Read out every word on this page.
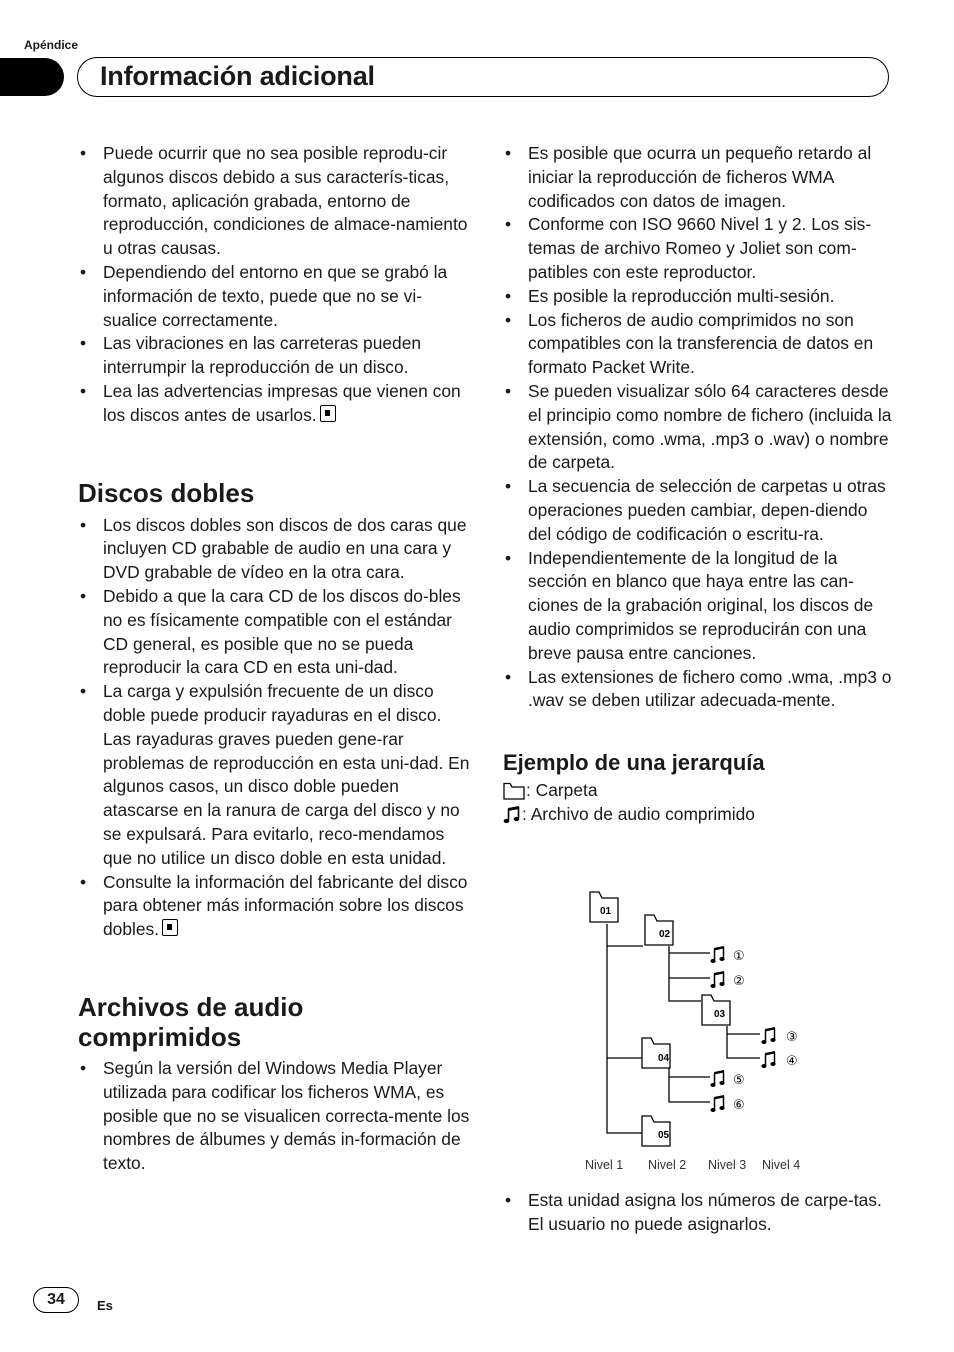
Apéndice
Información adicional
• Puede ocurrir que no sea posible reprodu-cir algunos discos debido a sus caracterís-ticas, formato, aplicación grabada, entorno de reproducción, condiciones de almace-namiento u otras causas.
• Dependiendo del entorno en que se grabó la información de texto, puede que no se vi-sualice correctamente.
• Las vibraciones en las carreteras pueden interrumpir la reproducción de un disco.
• Lea las advertencias impresas que vienen con los discos antes de usarlos.
Discos dobles
• Los discos dobles son discos de dos caras que incluyen CD grabable de audio en una cara y DVD grabable de vídeo en la otra cara.
• Debido a que la cara CD de los discos do-bles no es físicamente compatible con el estándar CD general, es posible que no se pueda reproducir la cara CD en esta uni-dad.
• La carga y expulsión frecuente de un disco doble puede producir rayaduras en el disco. Las rayaduras graves pueden gene-rar problemas de reproducción en esta uni-dad. En algunos casos, un disco doble pueden atascarse en la ranura de carga del disco y no se expulsará. Para evitarlo, reco-mendamos que no utilice un disco doble en esta unidad.
• Consulte la información del fabricante del disco para obtener más información sobre los discos dobles.
Archivos de audio comprimidos
• Según la versión del Windows Media Player utilizada para codificar los ficheros WMA, es posible que no se visualicen correcta-mente los nombres de álbumes y demás in-formación de texto.
• Es posible que ocurra un pequeño retardo al iniciar la reproducción de ficheros WMA codificados con datos de imagen.
• Conforme con ISO 9660 Nivel 1 y 2. Los sis-temas de archivo Romeo y Joliet son com-patibles con este reproductor.
• Es posible la reproducción multi-sesión.
• Los ficheros de audio comprimidos no son compatibles con la transferencia de datos en formato Packet Write.
• Se pueden visualizar sólo 64 caracteres desde el principio como nombre de fichero (incluida la extensión, como .wma, .mp3 o .wav) o nombre de carpeta.
• La secuencia de selección de carpetas u otras operaciones pueden cambiar, depen-diendo del código de codificación o escritu-ra.
• Independientemente de la longitud de la sección en blanco que haya entre las can-ciones de la grabación original, los discos de audio comprimidos se reproducirán con una breve pausa entre canciones.
• Las extensiones de fichero como .wma, .mp3 o .wav se deben utilizar adecuada-mente.
Ejemplo de una jerarquía
: Carpeta
: Archivo de audio comprimido
01
02
03
04
05
①
②
③
④
⑤
⑥
Nivel 1 Nivel 2 Nivel 3 Nivel 4
• Esta unidad asigna los números de carpe-tas. El usuario no puede asignarlos.
34	Es
